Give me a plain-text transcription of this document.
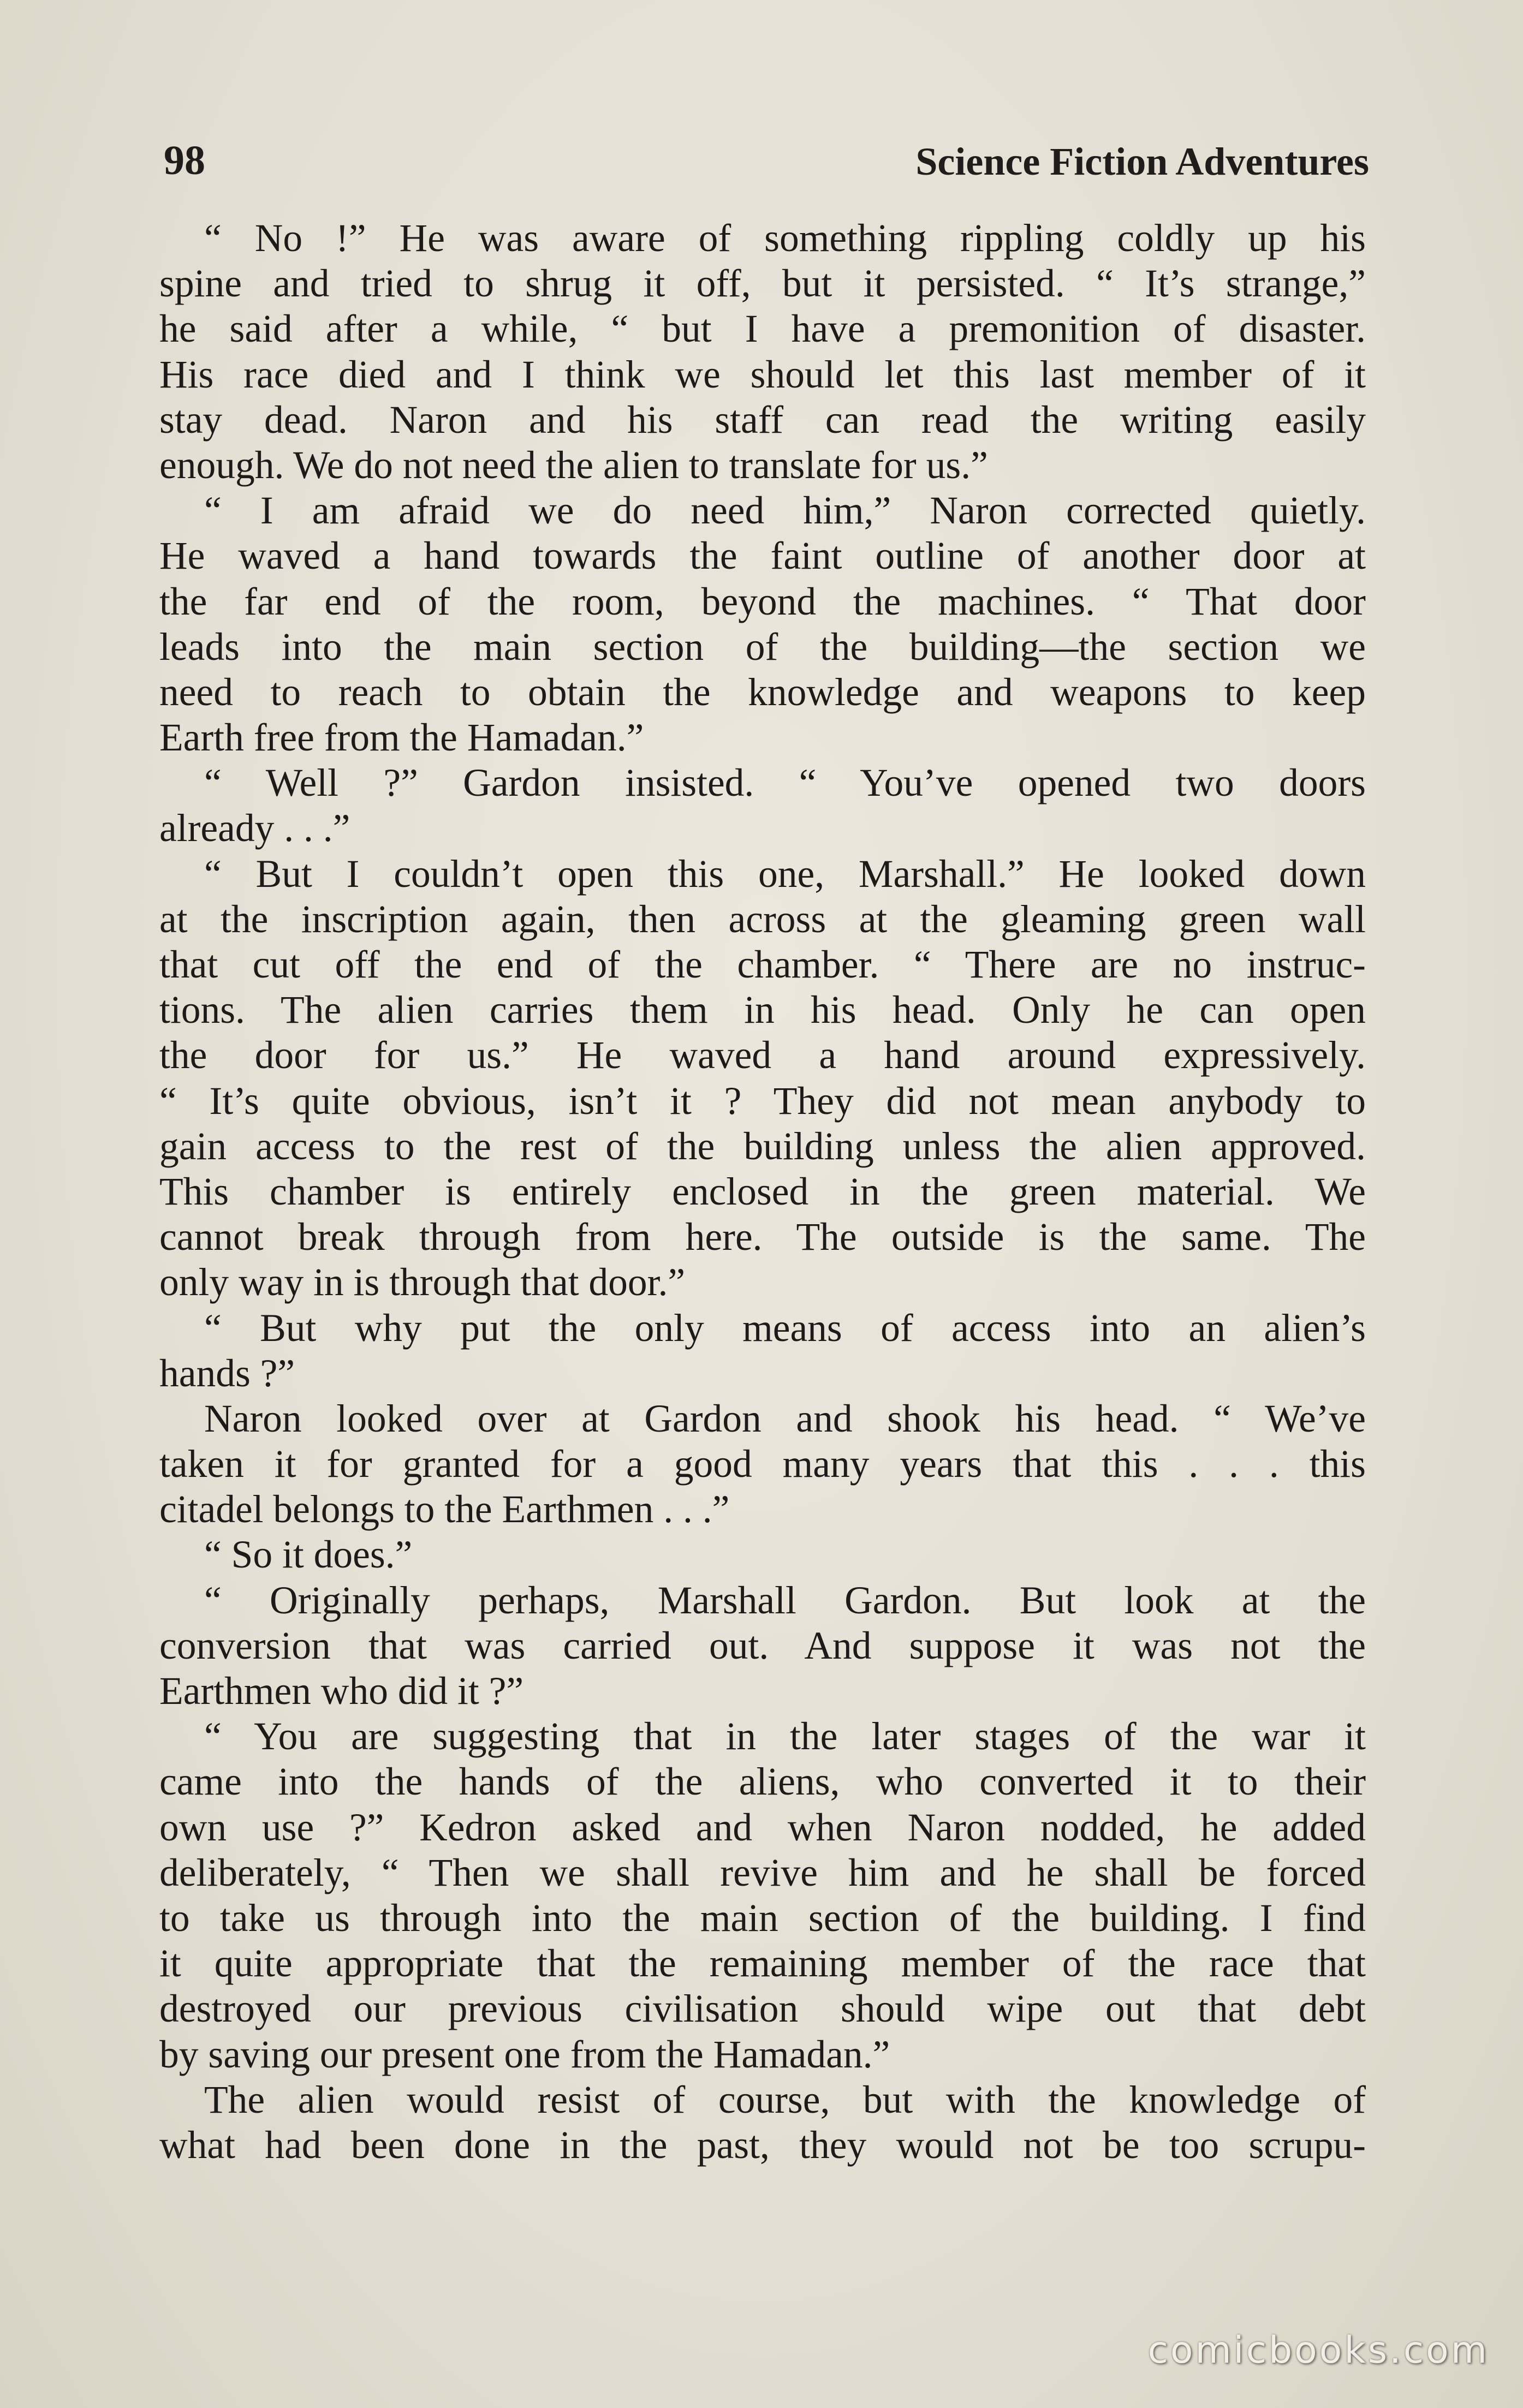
98	Science Fiction Adventures
“ No !” He was aware of something rippling coldly up his
spine and tried to shrug it off, but it persisted. “ It’s strange,”
he said after a while, “ but I have a premonition of disaster.
His race died and I think we should let this last member of it
stay dead. Naron and his staff can read the writing easily
enough. We do not need the alien to translate for us.”
“ I am afraid we do need him,” Naron corrected quietly.
He waved a hand towards the faint outline of another door at
the far end of the room, beyond the machines. “ That door
leads into the main section of the building—the section we
need to reach to obtain the knowledge and weapons to keep
Earth free from the Hamadan.”
“ Well ?” Gardon insisted. “ You’ve opened two doors
already . . .”
“ But I couldn’t open this one, Marshall.” He looked down
at the inscription again, then across at the gleaming green wall
that cut off the end of the chamber. “ There are no instruc-
tions. The alien carries them in his head. Only he can open
the door for us.” He waved a hand around expressively.
“ It’s quite obvious, isn’t it ? They did not mean anybody to
gain access to the rest of the building unless the alien approved.
This chamber is entirely enclosed in the green material. We
cannot break through from here. The outside is the same. The
only way in is through that door.”
“ But why put the only means of access into an alien’s
hands ?”
Naron looked over at Gardon and shook his head. “ We’ve
taken it for granted for a good many years that this . . . this
citadel belongs to the Earthmen . . .”
“ So it does.”
“ Originally perhaps, Marshall Gardon. But look at the
conversion that was carried out. And suppose it was not the
Earthmen who did it ?”
“ You are suggesting that in the later stages of the war it
came into the hands of the aliens, who converted it to their
own use ?” Kedron asked and when Naron nodded, he added
deliberately, “ Then we shall revive him and he shall be forced
to take us through into the main section of the building. I find
it quite appropriate that the remaining member of the race that
destroyed our previous civilisation should wipe out that debt
by saving our present one from the Hamadan.”
The alien would resist of course, but with the knowledge of
what had been done in the past, they would not be too scrupu-
comicbooks.com
